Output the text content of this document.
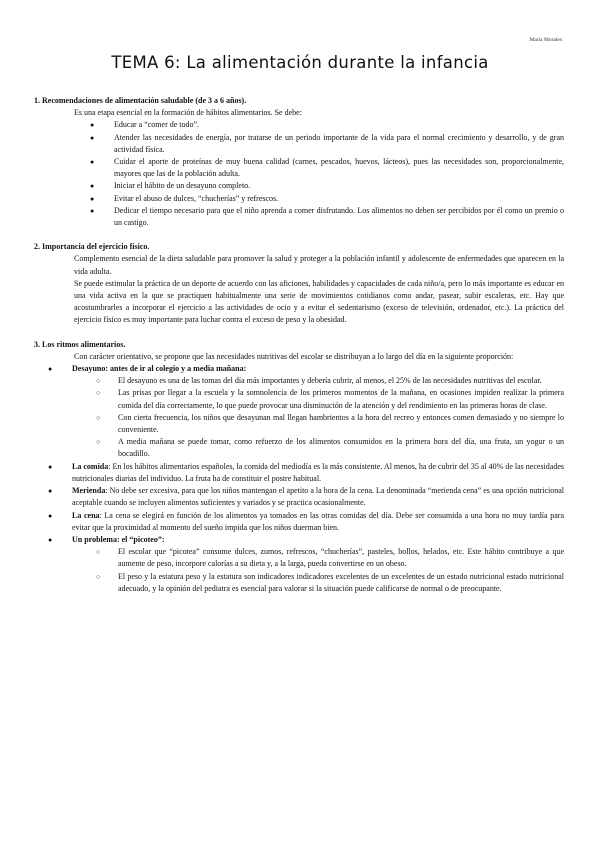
María Morales
TEMA 6: La alimentación durante la infancia

1. Recomendaciones de alimentación saludable (de 3 a 6 años).

Es una etapa esencial en la formación de hábitos alimentarios. Se debe:

● Educar a “comer de todo”.
● Atender las necesidades de energía, por tratarse de un periodo importante de la vida para el normal crecimiento y desarrollo, y de gran actividad física.
● Cuidar el aporte de proteínas de muy buena calidad (carnes, pescados, huevos, lácteos), pues las necesidades son, proporcionalmente, mayores que las de la población adulta.
● Iniciar el hábito de un desayuno completo.
● Evitar el abuso de dulces, “chucherías” y refrescos.
● Dedicar el tiempo necesario para que el niño aprenda a comer disfrutando. Los alimentos no deben ser percibidos por él como un premio o un castigo.

2. Importancia del ejercicio físico.

Complemento esencial de la dieta saludable para promover la salud y proteger a la población infantil y adolescente de enfermedades que aparecen en la vida adulta.

Se puede estimular la práctica de un deporte de acuerdo con las aficiones, habilidades y capacidades de cada niño/a, pero lo más importante es educar en una vida activa en la que se practiquen habitualmente una serie de movimientos cotidianos como andar, pasear, subir escaleras, etc. Hay que acostumbrarles a incorporar el ejercicio a las actividades de ocio y a evitar el sedentarismo (exceso de televisión, ordenador, etc.). La práctica del ejercicio físico es muy importante para luchar contra el exceso de peso y la obesidad.

3. Los ritmos alimentarios.

Con carácter orientativo, se propone que las necesidades nutritivas del escolar se distribuyan a lo largo del día en la siguiente proporción:

● Desayuno: antes de ir al colegio y a media mañana:
○ El desayuno es una de las tomas del día más importantes y debería cubrir, al menos, el 25% de las necesidades nutritivas del escolar.
○ Las prisas por llegar a la escuela y la somnolencia de los primeros momentos de la mañana, en ocasiones impiden realizar la primera comida del día correctamente, lo que puede provocar una disminución de la atención y del rendimiento en las primeras horas de clase.
○ Con cierta frecuencia, los niños que desayunan mal llegan hambrientos a la hora del recreo y entonces comen demasiado y no siempre lo conveniente.
○ A media mañana se puede tomar, como refuerzo de los alimentos consumidos en la primera hora del día, una fruta, un yogur o un bocadillo.
● La comida: En los hábitos alimentarios españoles, la comida del mediodía es la más consistente. Al menos, ha de cubrir del 35 al 40% de las necesidades nutricionales diarias del individuo. La fruta ha de constituir el postre habitual.
● Merienda: No debe ser excesiva, para que los niños mantengan el apetito a la hora de la cena. La denominada “merienda cena” es una opción nutricional aceptable cuando se incluyen alimentos suficientes y variados y se practica ocasionalmente.
● La cena: La cena se elegirá en función de los alimentos ya tomados en las otras comidas del día. Debe ser consumida a una hora no muy tardía para evitar que la proximidad al momento del sueño impida que los niños duerman bien.
● Un problema: el “picoteo”:
○ El escolar que “picotea” consume dulces, zumos, refrescos, “chucherías”, pasteles, bollos, helados, etc. Este hábito contribuye a que aumente de peso, incorpore calorías a su dieta y, a la larga, pueda convertirse en un obeso.
○ El peso y la estatura peso y la estatura son indicadores indicadores excelentes de un excelentes de un estado nutricional estado nutricional adecuado, y la opinión del pediatra es esencial para valorar si la situación puede calificarse de normal o de preocupante.
